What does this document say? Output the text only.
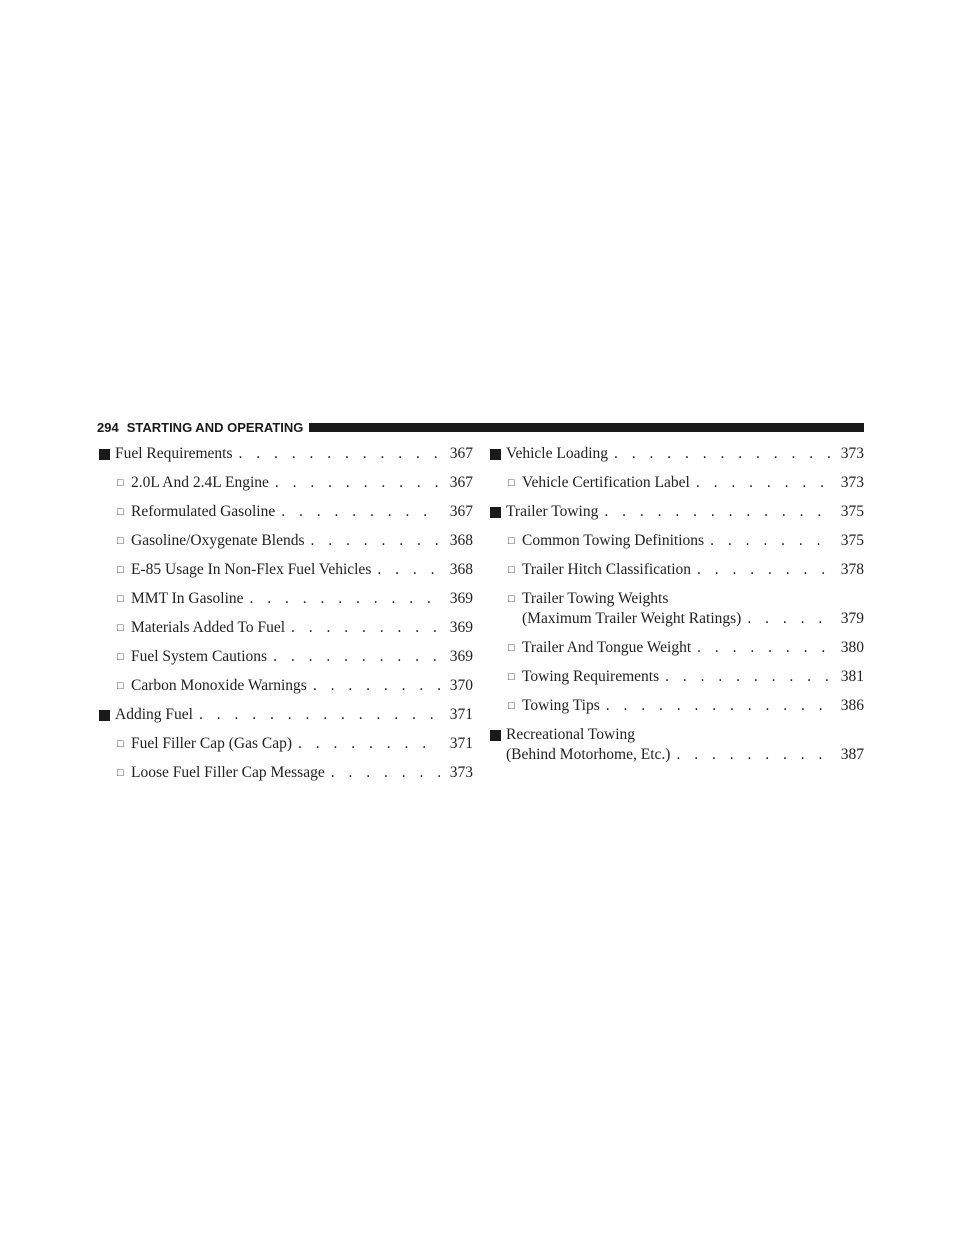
294 STARTING AND OPERATING
Fuel Requirements . . .	367
□ 2.0L And 2.4L Engine . . .	367
□ Reformulated Gasoline . . .	367
□ Gasoline/Oxygenate Blends . . .	368
□ E-85 Usage In Non-Flex Fuel Vehicles . . .	368
□ MMT In Gasoline . . .	369
□ Materials Added To Fuel . . .	369
□ Fuel System Cautions . . .	369
□ Carbon Monoxide Warnings . . .	370
Adding Fuel . . .	371
□ Fuel Filler Cap (Gas Cap) . . .	371
□ Loose Fuel Filler Cap Message . . .	373
Vehicle Loading . . .	373
□ Vehicle Certification Label . . .	373
Trailer Towing . . .	375
□ Common Towing Definitions . . .	375
□ Trailer Hitch Classification . . .	378
□ Trailer Towing Weights
(Maximum Trailer Weight Ratings) . . .	379
□ Trailer And Tongue Weight . . .	380
□ Towing Requirements . . .	381
□ Towing Tips . . .	386
Recreational Towing
(Behind Motorhome, Etc.) . . .	387
